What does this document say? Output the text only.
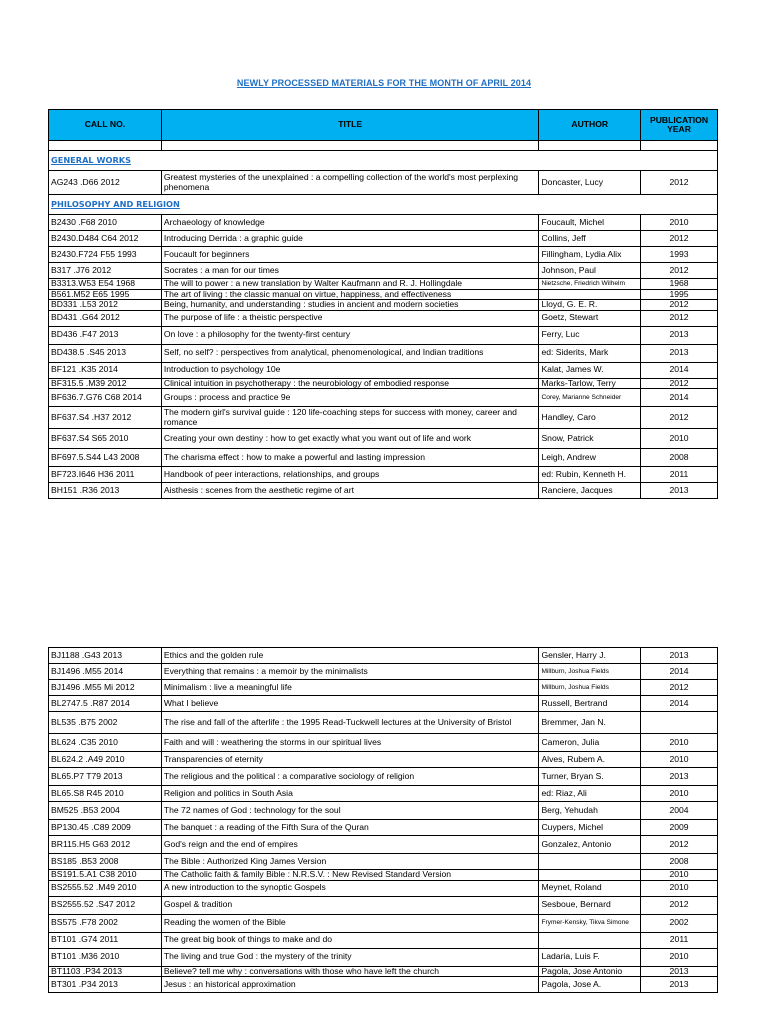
NEWLY PROCESSED MATERIALS FOR THE MONTH OF APRIL 2014
CALL NO.	TITLE	AUTHOR	PUBLICATION YEAR

GENERAL WORKS			
AG243 .D66 2012	Greatest mysteries of the unexplained : a compelling collection of the world's most perplexing phenomena	Doncaster, Lucy	2012
PHILOSOPHY AND RELIGION			
B2430 .F68 2010	Archaeology of knowledge	Foucault, Michel	2010
B2430.D484 C64 2012	Introducing Derrida : a graphic guide	Collins, Jeff	2012
B2430.F724 F55 1993	Foucault for beginners	Fillingham, Lydia Alix	1993
B317 .J76 2012	Socrates : a man for our times	Johnson, Paul	2012
B3313.W53 E54 1968	The will to power : a new translation by Walter Kaufmann and R. J. Hollingdale	Nietzsche, Friedrich Wilhelm	1968
B561.M52 E65 1995	The art of living : the classic manual on virtue, happiness, and effectiveness		1995
BD331 .L53 2012	Being, humanity, and understanding : studies in ancient and modern societies	Lloyd, G. E. R.	2012
BD431 .G64 2012	The purpose of life : a theistic perspective	Goetz, Stewart	2012
BD436 .F47 2013	On love : a philosophy for the twenty-first century	Ferry, Luc	2013
BD438.5 .S45 2013	Self, no self? : perspectives from analytical, phenomenological, and Indian traditions	ed: Siderits, Mark	2013
BF121 .K35 2014	Introduction to psychology 10e	Kalat, James W.	2014
BF315.5 .M39 2012	Clinical intuition in psychotherapy : the neurobiology of embodied response	Marks-Tarlow, Terry	2012
BF636.7.G76 C68 2014	Groups : process and practice 9e	Corey, Marianne Schneider	2014
BF637.S4 .H37 2012	The modern girl's survival guide : 120 life-coaching steps for success with money, career and romance	Handley, Caro	2012
BF637.S4 S65 2010	Creating your own destiny : how to get exactly what you want out of life and work	Snow, Patrick	2010
BF697.5.S44 L43 2008	The charisma effect : how to make a powerful and lasting impression	Leigh, Andrew	2008
BF723.I646 H36 2011	Handbook of peer interactions, relationships, and groups	ed: Rubin, Kenneth H.	2011
BH151 .R36 2013	Aisthesis : scenes from the aesthetic regime of art	Ranciere, Jacques	2013
BJ1188 .G43 2013	Ethics and the golden rule	Gensler, Harry J.	2013
BJ1496 .M55 2014	Everything that remains : a memoir by the minimalists	Millburn, Joshua Fields	2014
BJ1496 .M55 Mi 2012	Minimalism : live a meaningful life	Millburn, Joshua Fields	2012
BL2747.5 .R87 2014	What I believe	Russell, Bertrand	2014
BL535 .B75 2002	The rise and fall of the afterlife : the 1995 Read-Tuckwell lectures at the University of Bristol	Bremmer, Jan N.	
BL624 .C35 2010	Faith and will : weathering the storms in our spiritual lives	Cameron, Julia	2010
BL624.2 .A49 2010	Transparencies of eternity	Alves, Rubem A.	2010
BL65.P7 T79 2013	The religious and the political : a comparative sociology of religion	Turner, Bryan S.	2013
BL65.S8 R45 2010	Religion and politics in South Asia	ed: Riaz, Ali	2010
BM525 .B53 2004	The 72 names of God : technology for the soul	Berg, Yehudah	2004
BP130.45 .C89 2009	The banquet : a reading of the Fifth Sura of the Quran	Cuypers, Michel	2009
BR115.H5 G63 2012	God's reign and the end of empires	Gonzalez, Antonio	2012
BS185 .B53 2008	The Bible : Authorized King James Version		2008
BS191.5.A1 C38 2010	The Catholic faith & family Bible : N.R.S.V. : New Revised Standard Version		2010
BS2555.52 .M49 2010	A new introduction to the synoptic Gospels	Meynet, Roland	2010
BS2555.52 .S47 2012	Gospel & tradition	Sesboue, Bernard	2012
BS575 .F78 2002	Reading the women of the Bible	Frymer-Kensky, Tikva Simone	2002
BT101 .G74 2011	The great big book of things to make and do		2011
BT101 .M36 2010	The living and true God : the mystery of the trinity	Ladaria, Luis F.	2010
BT1103 .P34 2013	Believe? tell me why : conversations with those who have left the church	Pagola, Jose Antonio	2013
BT301 .P34 2013	Jesus : an historical approximation	Pagola, Jose A.	2013
